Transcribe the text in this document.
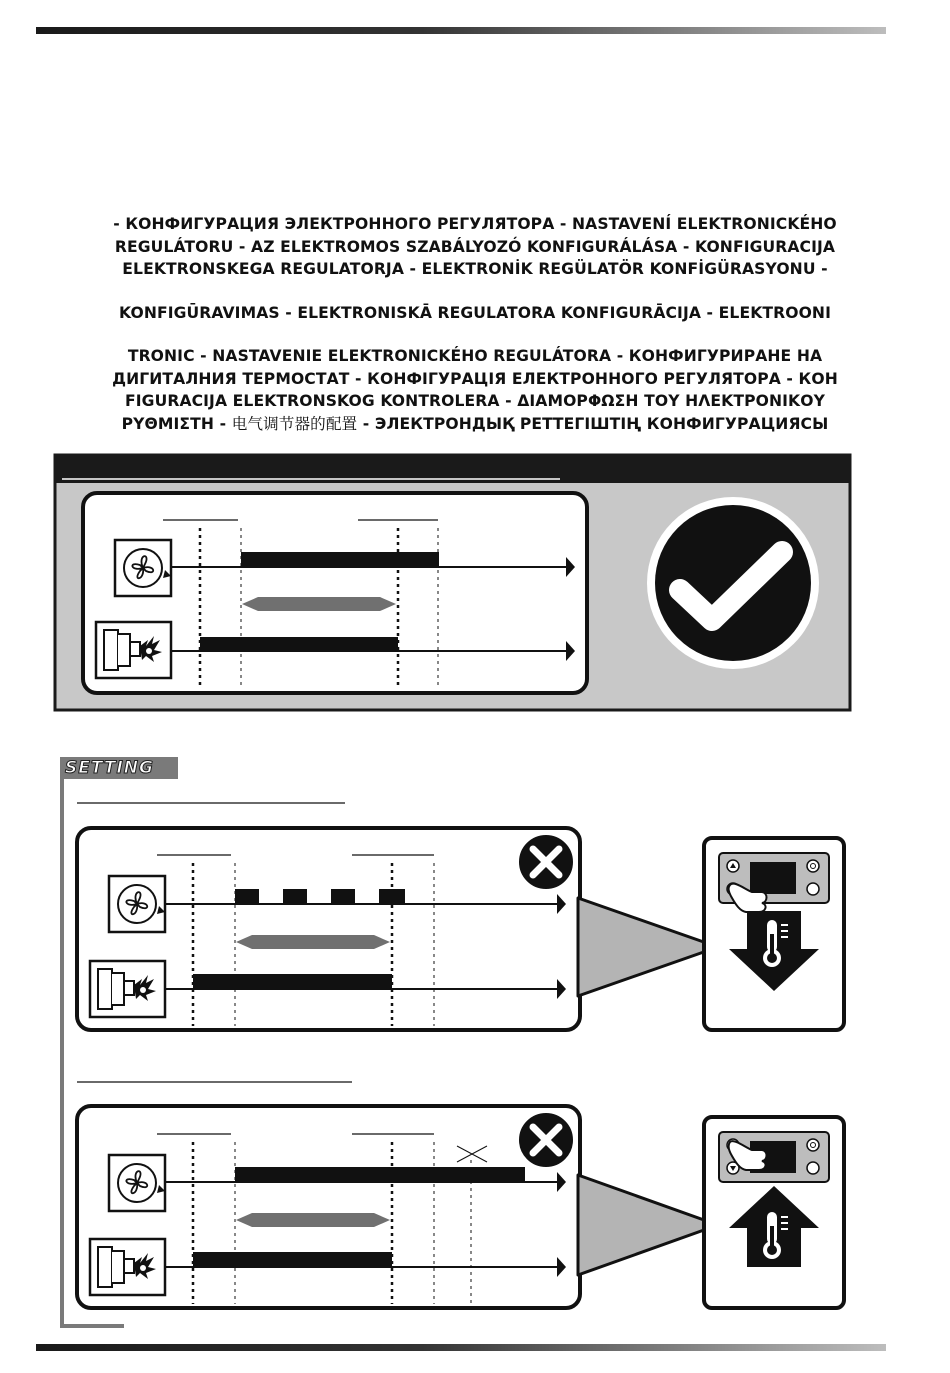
- КОНФИГУРАЦИЯ ЭЛЕКТРОННОГО РЕГУЛЯТОРА - NASTAVENÍ ELEKTRONICKÉHO
REGULÁTORU - AZ ELEKTROMOS SZABÁLYOZÓ KONFIGURÁLÁSA - KONFIGURACIJA
ELEKTRONSKEGA REGULATORJA - ELEKTRONİK REGÜLATÖR KONFİGÜRASYONU -
KONFIGŪRAVIMAS - ELEKTRONISKĀ REGULATORA KONFIGURĀCIJA - ELEKTROONI
TRONIC - NASTAVENIE ELEKTRONICKÉHO REGULÁTORA - КОНФИГУРИРАНЕ НА
ДИГИТАЛНИЯ ТЕРМОСТАТ - КОНФІГУРАЦІЯ ЕЛЕКТРОННОГО РЕГУЛЯТОРА - КОН
FIGURACIJA ELEKTRONSKOG KONTROLERA - ΔΙΑΜΟΡΦΩΣΗ ΤΟΥ ΗΛΕΚΤΡΟΝΙΚΟΥ
ΡΥΘΜΙΣΤΗ - 电气调节器的配置 - ЭЛЕКТРОНДЫҚ РЕТТЕГІШТІҢ КОНФИГУРАЦИЯСЫ
SETTING
